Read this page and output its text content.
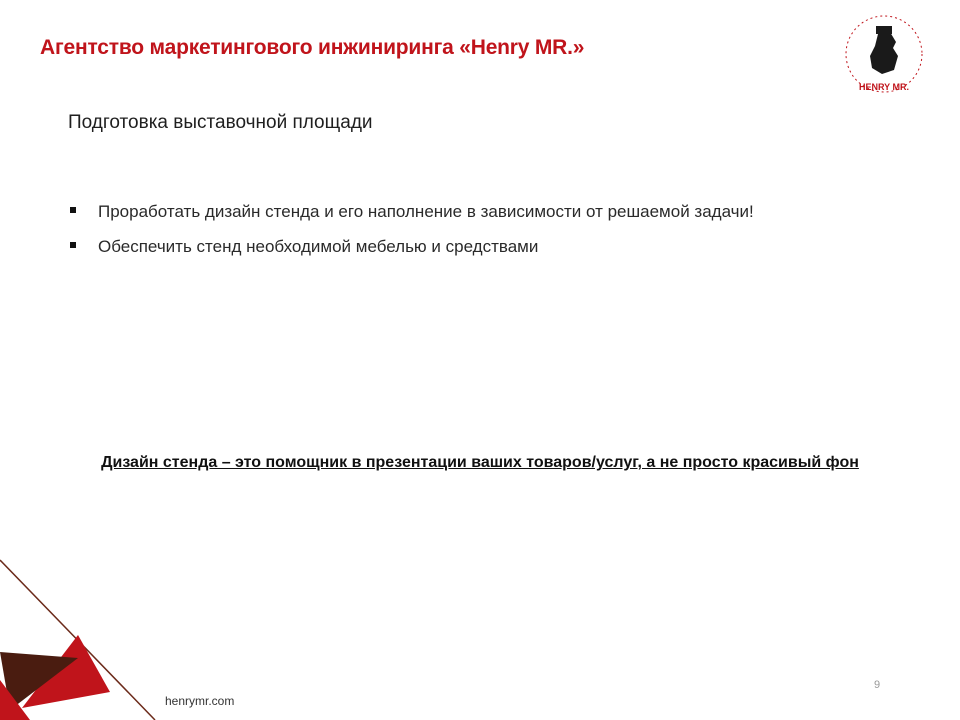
Агентство маркетингового инжиниринга «Henry MR.»
HENRY MR.
Подготовка выставочной площади
Проработать дизайн стенда и его наполнение в зависимости от решаемой задачи!
Обеспечить стенд необходимой мебелью и средствами
Дизайн стенда – это помощник в презентации ваших товаров/услуг, а не просто красивый фон
henrymr.com
9
